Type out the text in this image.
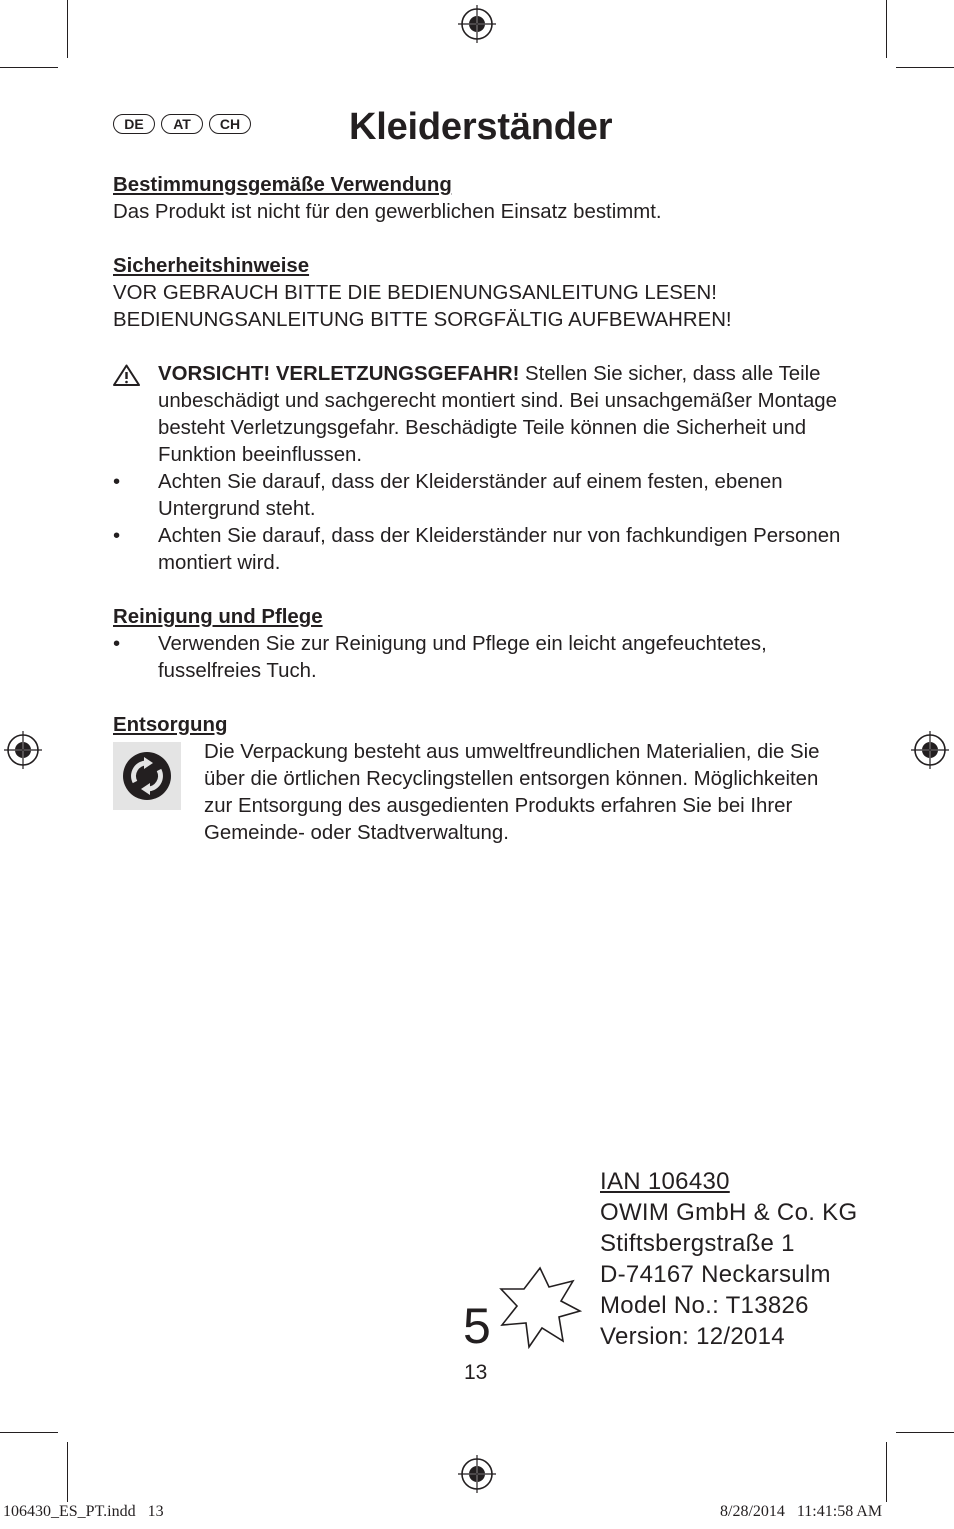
DE	AT	CH	Kleiderständer
Bestimmungsgemäße Verwendung
Das Produkt ist nicht für den gewerblichen Einsatz bestimmt.
Sicherheitshinweise
VOR GEBRAUCH BITTE DIE BEDIENUNGSANLEITUNG LESEN!
BEDIENUNGSANLEITUNG BITTE SORGFÄLTIG AUFBEWAHREN!
VORSICHT! VERLETZUNGSGEFAHR! Stellen Sie sicher, dass alle Teile unbeschädigt und sachgerecht montiert sind. Bei unsachgemäßer Montage besteht Verletzungsgefahr. Beschädigte Teile können die Sicherheit und Funktion beeinflussen.
•	Achten Sie darauf, dass der Kleiderständer auf einem festen, ebenen Untergrund steht.
•	Achten Sie darauf, dass der Kleiderständer nur von fachkundigen Personen montiert wird.
Reinigung und Pflege
•	Verwenden Sie zur Reinigung und Pflege ein leicht angefeuchtetes, fusselfreies Tuch.
Entsorgung
Die Verpackung besteht aus umweltfreundlichen Materialien, die Sie über die örtlichen Recyclingstellen entsorgen können. Möglichkeiten zur Entsorgung des ausgedienten Produkts erfahren Sie bei Ihrer Gemeinde- oder Stadtverwaltung.
5
13
IAN 106430
OWIM GmbH & Co. KG
Stiftsbergstraße 1
D-74167 Neckarsulm
Model No.: T13826
Version: 12/2014
106430_ES_PT.indd   13	8/28/2014   11:41:58 AM
